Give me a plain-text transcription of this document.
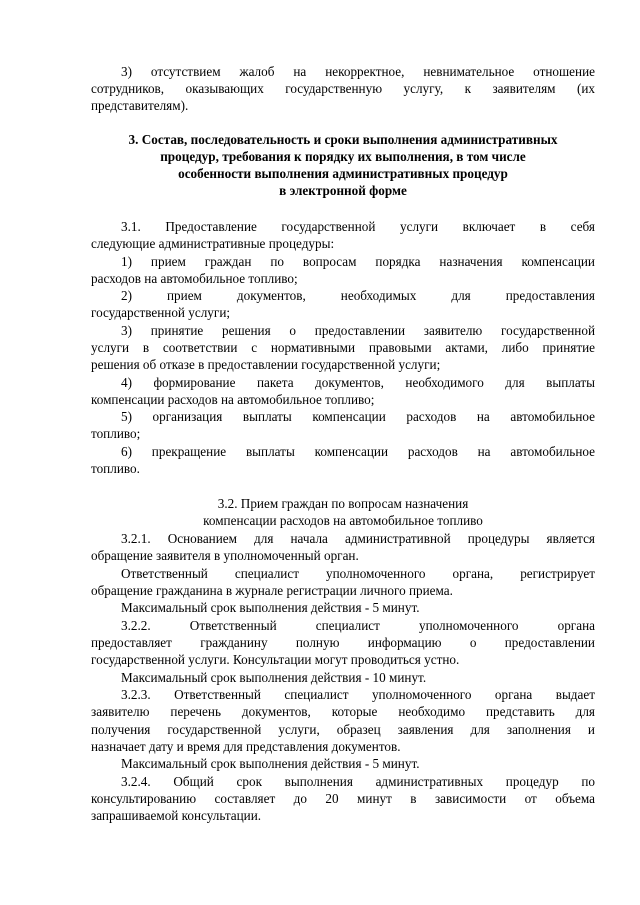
3) отсутствием жалоб на некорректное, невнимательное отношение
сотрудников, оказывающих государственную услугу, к заявителям (их
представителям).
3. Состав, последовательность и сроки выполнения административных
процедур, требования к порядку их выполнения, в том числе
особенности выполнения административных процедур
в электронной форме
3.1. Предоставление государственной услуги включает в себя
следующие административные процедуры:
1) прием граждан по вопросам порядка назначения компенсации
расходов на автомобильное топливо;
2) прием документов, необходимых для предоставления
государственной услуги;
3) принятие решения о предоставлении заявителю государственной
услуги в соответствии с нормативными правовыми актами, либо принятие
решения об отказе в предоставлении государственной услуги;
4) формирование пакета документов, необходимого для выплаты
компенсации расходов на автомобильное топливо;
5) организация выплаты компенсации расходов на автомобильное
топливо;
6) прекращение выплаты компенсации расходов на автомобильное
топливо.
3.2. Прием граждан по вопросам назначения
компенсации расходов на автомобильное топливо
3.2.1. Основанием для начала административной процедуры является
обращение заявителя в уполномоченный орган.
Ответственный специалист уполномоченного органа, регистрирует
обращение гражданина в журнале регистрации личного приема.
Максимальный срок выполнения действия - 5 минут.
3.2.2. Ответственный специалист уполномоченного органа
предоставляет гражданину полную информацию о предоставлении
государственной услуги. Консультации могут проводиться устно.
Максимальный срок выполнения действия - 10 минут.
3.2.3. Ответственный специалист уполномоченного органа выдает
заявителю перечень документов, которые необходимо представить для
получения государственной услуги, образец заявления для заполнения и
назначает дату и время для представления документов.
Максимальный срок выполнения действия - 5 минут.
3.2.4. Общий срок выполнения административных процедур по
консультированию составляет до 20 минут в зависимости от объема
запрашиваемой консультации.
